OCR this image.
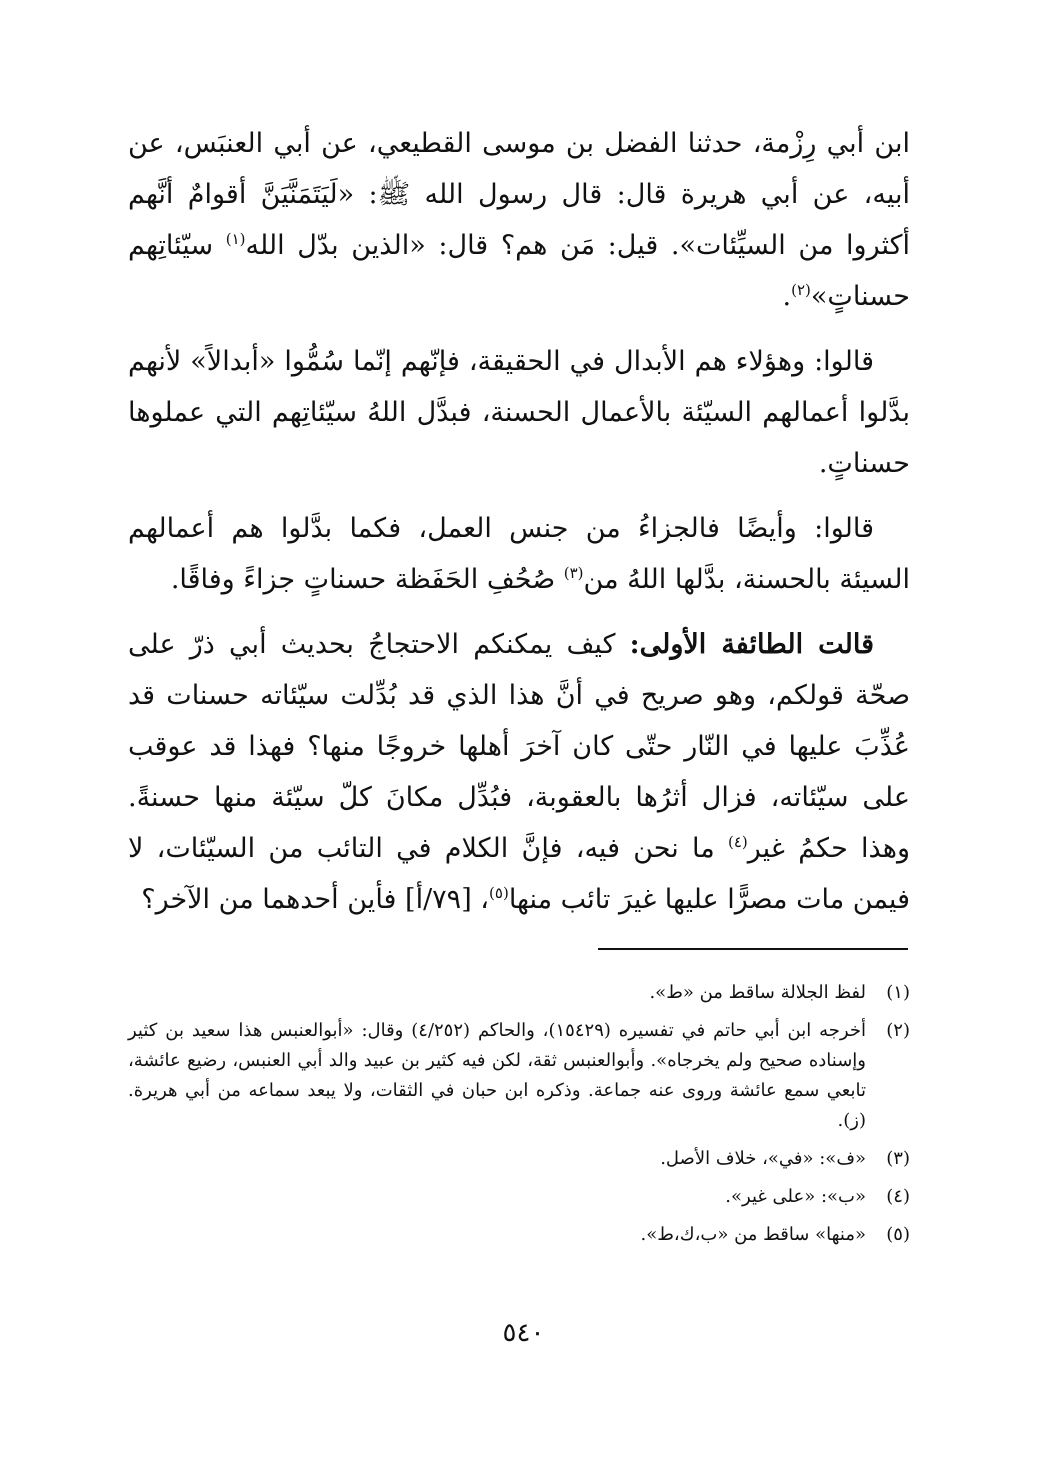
ابن أبي رِزْمة، حدثنا الفضل بن موسى القطيعي، عن أبي العنبَس، عن أبيه، عن أبي هريرة قال: قال رسول الله ﷺ: «لَيَتَمَنَّيَنَّ أقوامٌ أنَّهم أكثروا من السيِّئات». قيل: مَن هم؟ قال: «الذين بدّل الله$^{(١)}$ سيّئاتِهم حسناتٍ»$^{(٢)}$.

قالوا: وهؤلاء هم الأبدال في الحقيقة، فإنّهم إنّما سُمُّوا «أبدالاً» لأنهم بدَّلوا أعمالهم السيّئة بالأعمال الحسنة، فبدَّل اللهُ سيّئاتِهم التي عملوها حسناتٍ.

قالوا: وأيضًا فالجزاءُ من جنس العمل، فكما بدَّلوا هم أعمالهم السيئة بالحسنة، بدَّلها اللهُ من$^{(٣)}$ صُحُفِ الحَفَظة حسناتٍ جزاءً وفاقًا.

قالت الطائفة الأولى: كيف يمكنكم الاحتجاجُ بحديث أبي ذرّ على صحّة قولكم، وهو صريح في أنَّ هذا الذي قد بُدِّلت سيّئاته حسنات قد عُذِّبَ عليها في النّار حتّى كان آخرَ أهلها خروجًا منها؟ فهذا قد عوقب على سيّئاته، فزال أثرُها بالعقوبة، فبُدِّل مكانَ كلّ سيّئة منها حسنةً. وهذا حكمُ غير$^{(٤)}$ ما نحن فيه، فإنَّ الكلام في التائب من السيّئات، لا فيمن مات مصرًّا عليها غيرَ تائب منها$^{(٥)}$، [٧٩/أ] فأين أحدهما من الآخر؟

(١)
لفظ الجلالة ساقط من «ط».
(٢)
أخرجه ابن أبي حاتم في تفسيره (١٥٤٢٩)، والحاكم (٤/٢٥٢) وقال: «أبوالعنبس هذا سعيد بن كثير وإسناده صحيح ولم يخرجاه». وأبوالعنبس ثقة، لكن فيه كثير بن عبيد والد أبي العنبس، رضيع عائشة، تابعي سمع عائشة وروى عنه جماعة. وذكره ابن حبان في الثقات، ولا يبعد سماعه من أبي هريرة. (ز).
(٣)
«ف»: «في»، خلاف الأصل.
(٤)
«ب»: «على غير».
(٥)
«منها» ساقط من «ب،ك،ط».
٥٤٠
